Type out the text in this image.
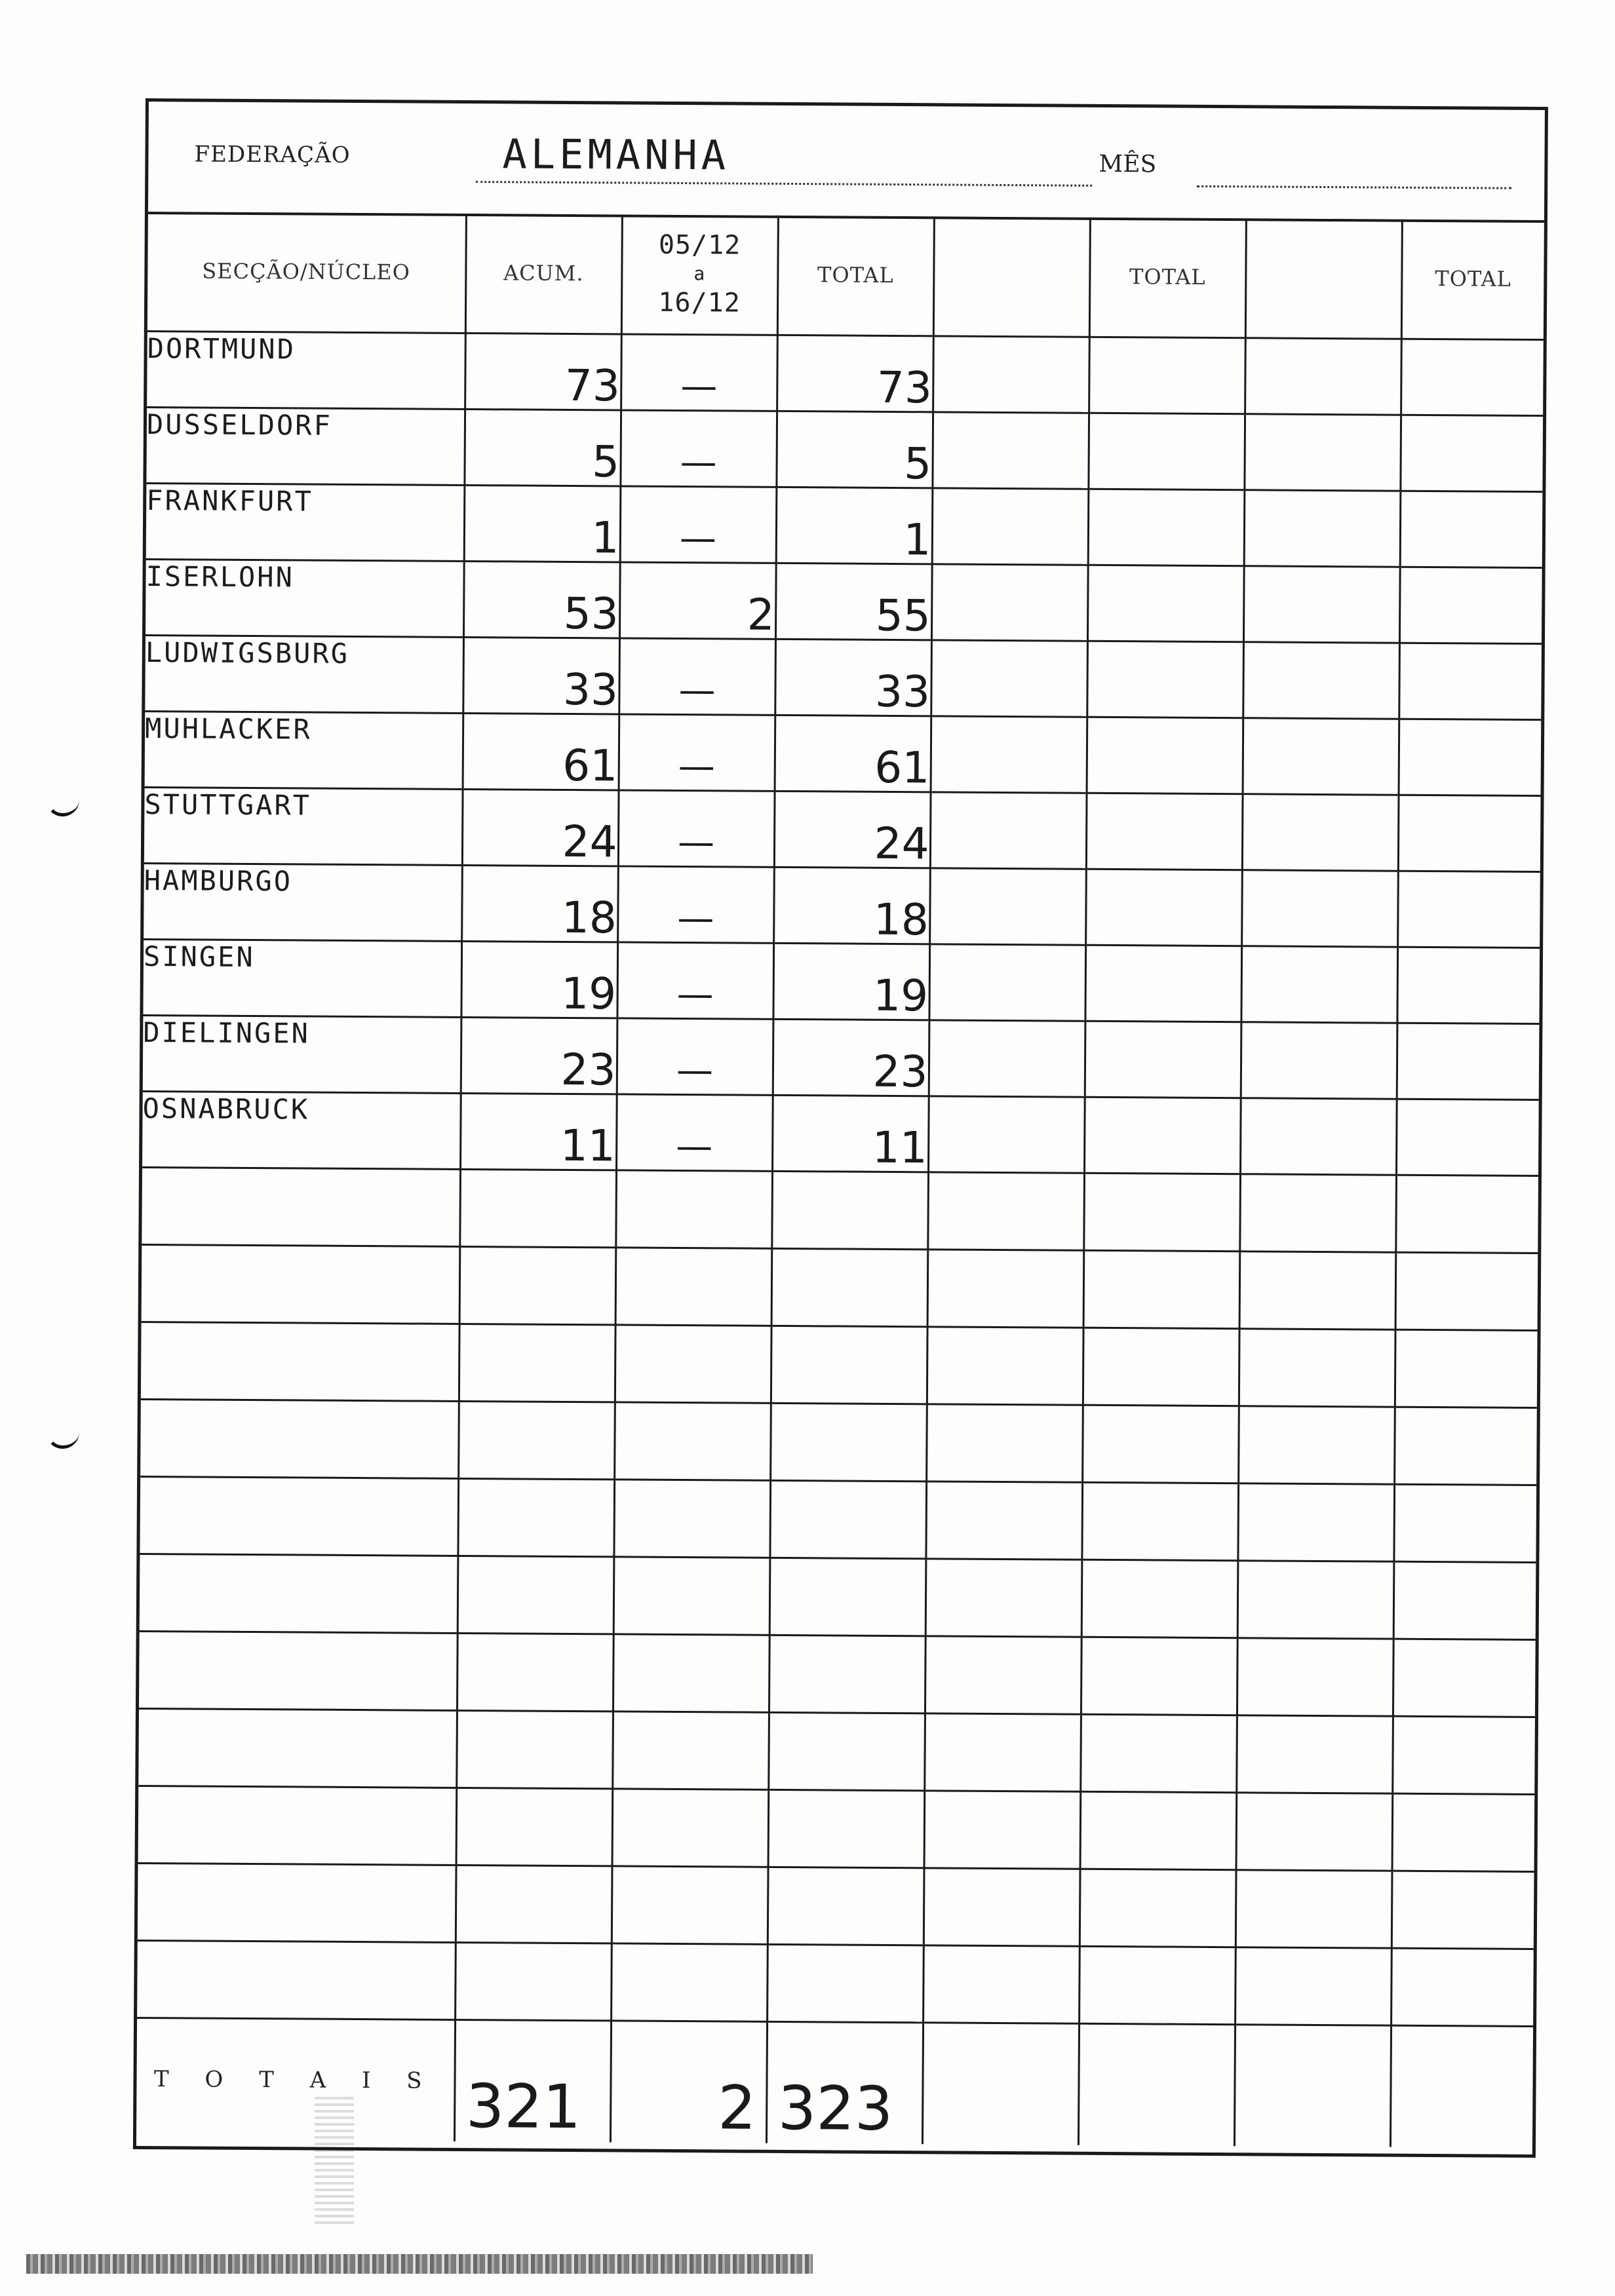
FEDERAÇÃO	ALEMANHA	MÊS
SECÇÃO/NÚCLEO	ACUM.	05/12
a
16/12	TOTAL		TOTAL		TOTAL
DORTMUND	73	—	73				
DUSSELDORF	5	—	5				
FRANKFURT	1	—	1				
ISERLOHN	53	2	55				
LUDWIGSBURG	33	—	33				
MUHLACKER	61	—	61				
STUTTGART	24	—	24				
HAMBURGO	18	—	18				
SINGEN	19	—	19				
DIELINGEN	23	—	23				
OSNABRUCK	11	—	11				

T O T A I S	321	2	323				
